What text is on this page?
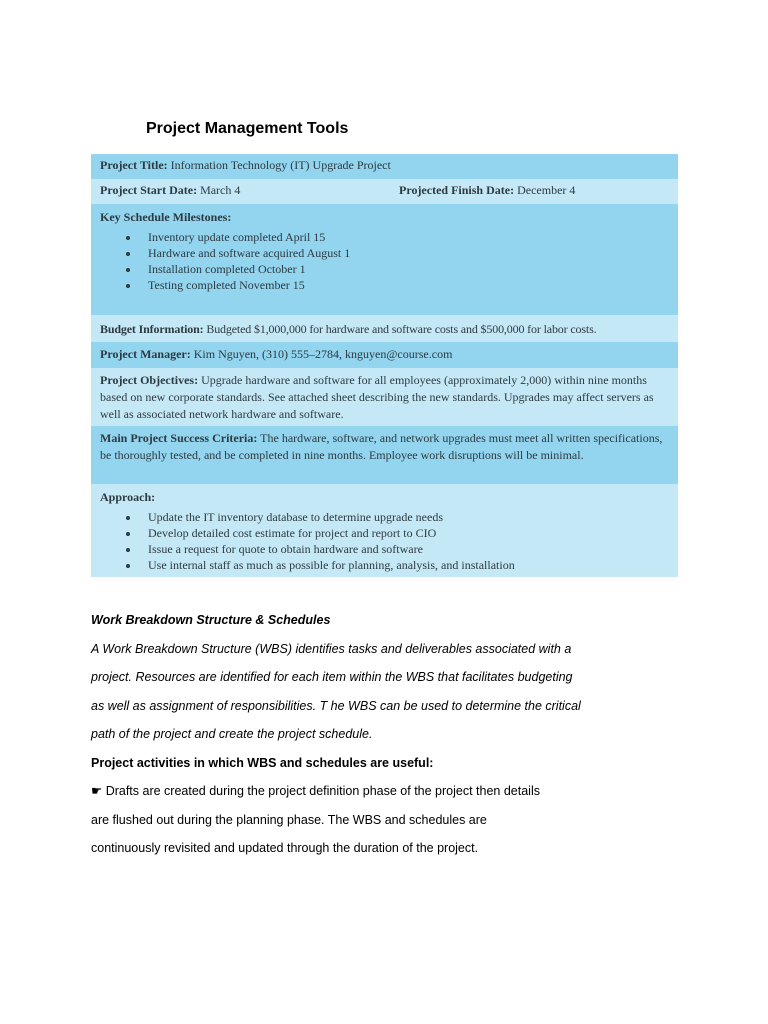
Project Management Tools
Project Title: Information Technology (IT) Upgrade Project
Project Start Date: March 4	Projected Finish Date: December 4
Key Schedule Milestones:
• Inventory update completed April 15
• Hardware and software acquired August 1
• Installation completed October 1
• Testing completed November 15
Budget Information: Budgeted $1,000,000 for hardware and software costs and $500,000 for labor costs.
Project Manager: Kim Nguyen, (310) 555–2784, knguyen@course.com
Project Objectives: Upgrade hardware and software for all employees (approximately 2,000) within nine months based on new corporate standards. See attached sheet describing the new standards. Upgrades may affect servers as well as associated network hardware and software.
Main Project Success Criteria: The hardware, software, and network upgrades must meet all written specifications, be thoroughly tested, and be completed in nine months. Employee work disruptions will be minimal.
Approach:
• Update the IT inventory database to determine upgrade needs
• Develop detailed cost estimate for project and report to CIO
• Issue a request for quote to obtain hardware and software
• Use internal staff as much as possible for planning, analysis, and installation

Work Breakdown Structure & Schedules

A Work Breakdown Structure (WBS) identifies tasks and deliverables associated with a

project. Resources are identified for each item within the WBS that facilitates budgeting

as well as assignment of responsibilities. T he WBS can be used to determine the critical

path of the project and create the project schedule.

Project activities in which WBS and schedules are useful:

☛ Drafts are created during the project definition phase of the project then details

are flushed out during the planning phase. The WBS and schedules are

continuously revisited and updated through the duration of the project.
